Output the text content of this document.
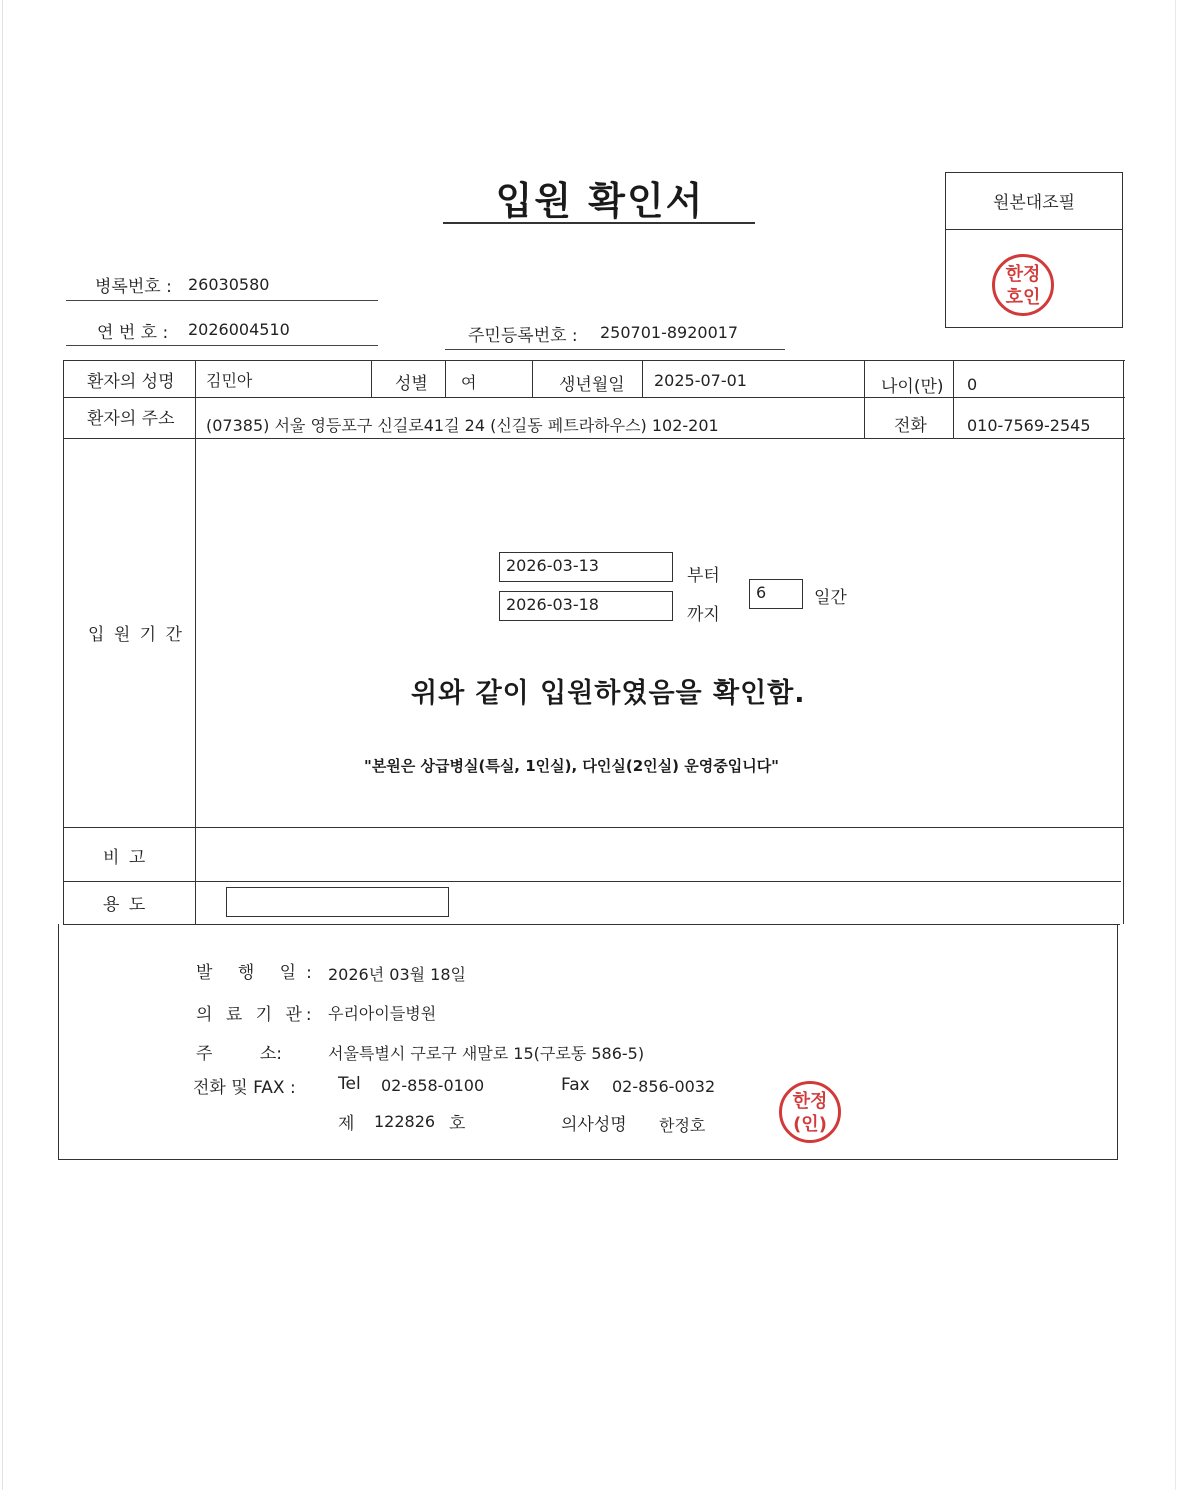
입원 확인서	원본대조필
한정
호인
병록번호 : 26030580
연 번 호 : 2026004510	주민등록번호 : 250701-8920017
환자의 성명 김민아	성별 여	생년월일 2025-07-01	나이(만) 0
환자의 주소 (07385) 서울 영등포구 신길로41길 24 (신길동 페트라하우스) 102-201	전화	010-7569-2545
입 원 기 간
2026-03-13
부터
2026-03-18
까지
6	일간
위와 같이 입원하였음을 확인함.
"본원은 상급병실(특실, 1인실), 다인실(2인실) 운영중입니다"
비 고
용 도
발 행 일: 2026년 03월 18일
의 료 기 관: 우리아이들병원
주 소:	서울특별시 구로구 새말로 15(구로동 586-5)
전화 및 FAX : Tel 02-858-0100	Fax 02-856-0032
제 122826 호	의사성명 한정호
한정
(인)
